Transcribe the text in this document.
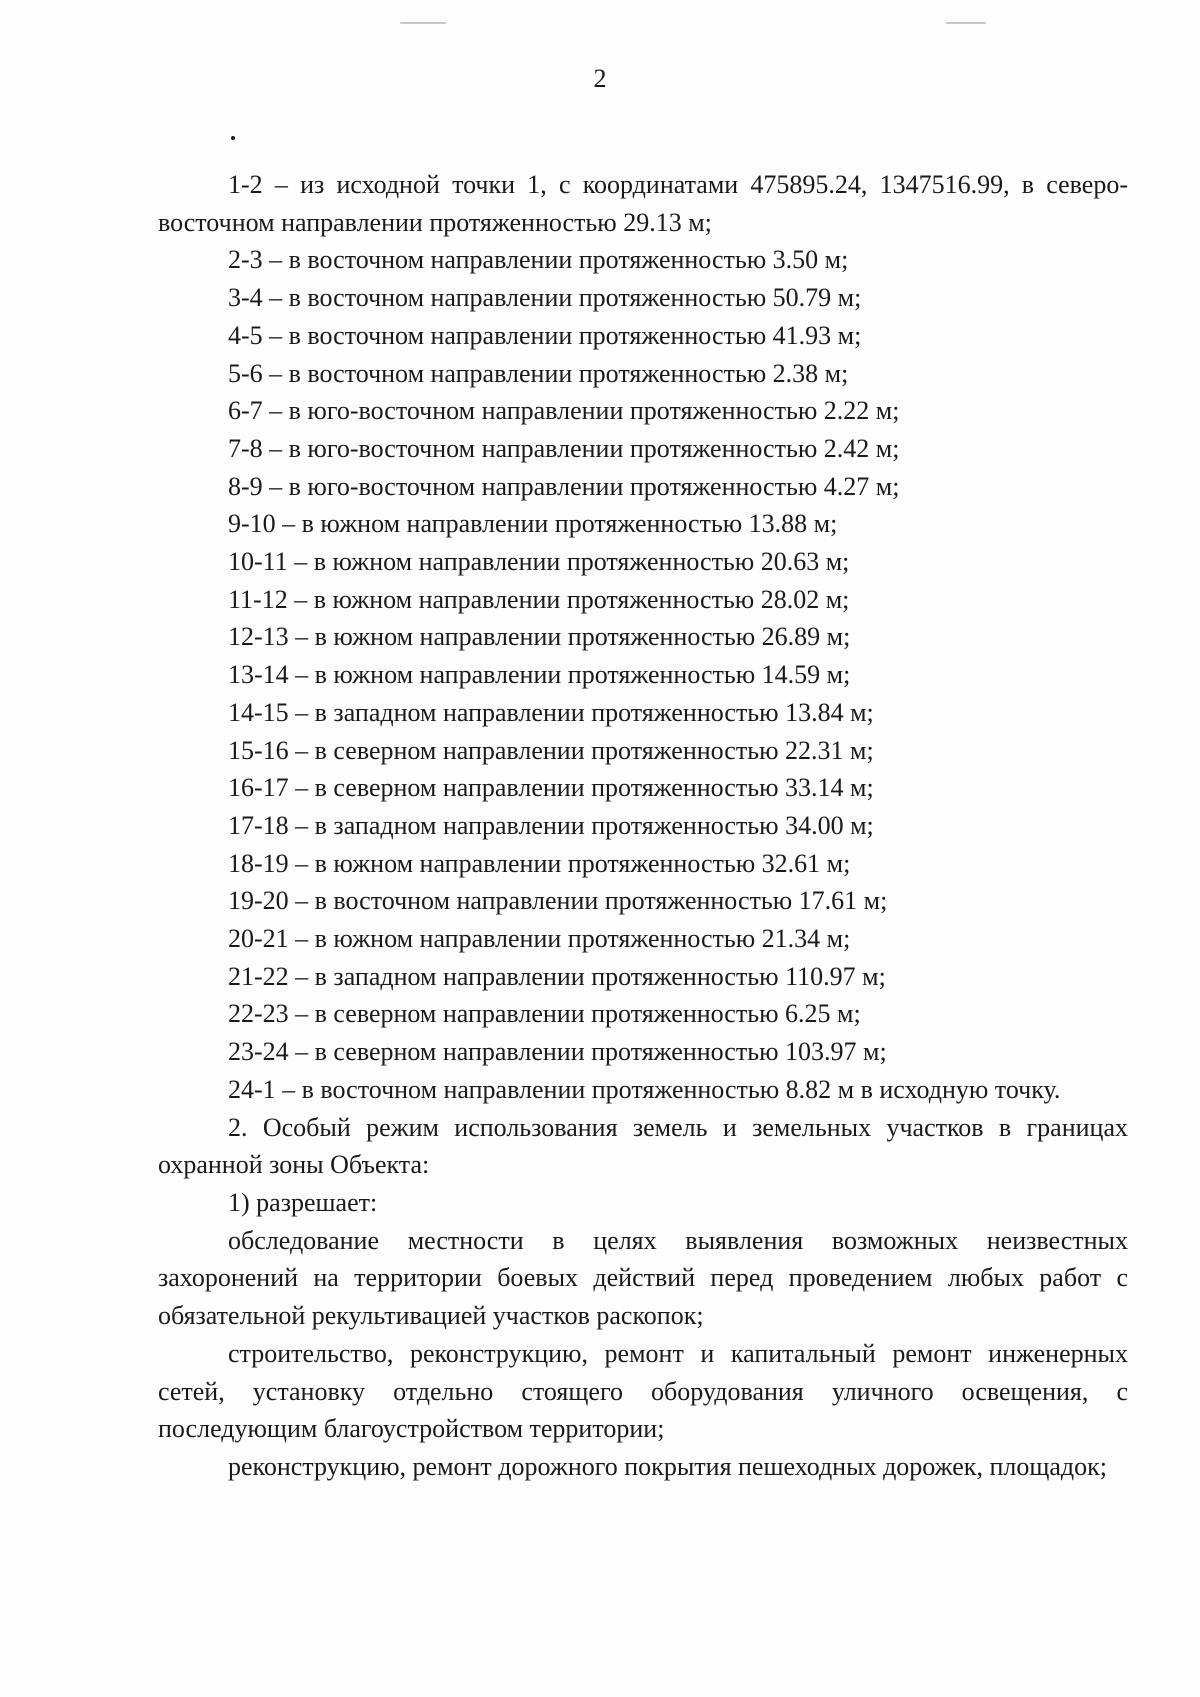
2

1-2 – из исходной точки 1, с координатами 475895.24, 1347516.99, в северо-восточном направлении протяженностью 29.13 м;

2-3 – в восточном направлении протяженностью 3.50 м;

3-4 – в восточном направлении протяженностью 50.79 м;

4-5 – в восточном направлении протяженностью 41.93 м;

5-6 – в восточном направлении протяженностью 2.38 м;

6-7 – в юго-восточном направлении протяженностью 2.22 м;

7-8 – в юго-восточном направлении протяженностью 2.42 м;

8-9 – в юго-восточном направлении протяженностью 4.27 м;

9-10 – в южном направлении протяженностью 13.88 м;

10-11 – в южном направлении протяженностью 20.63 м;

11-12 – в южном направлении протяженностью 28.02 м;

12-13 – в южном направлении протяженностью 26.89 м;

13-14 – в южном направлении протяженностью 14.59 м;

14-15 – в западном направлении протяженностью 13.84 м;

15-16 – в северном направлении протяженностью 22.31 м;

16-17 – в северном направлении протяженностью 33.14 м;

17-18 – в западном направлении протяженностью 34.00 м;

18-19 – в южном направлении протяженностью 32.61 м;

19-20 – в восточном направлении протяженностью 17.61 м;

20-21 – в южном направлении протяженностью 21.34 м;

21-22 – в западном направлении протяженностью 110.97 м;

22-23 – в северном направлении протяженностью 6.25 м;

23-24 – в северном направлении протяженностью 103.97 м;

24-1 – в восточном направлении протяженностью 8.82 м в исходную точку.

2. Особый режим использования земель и земельных участков в границах охранной зоны Объекта:

1) разрешает:

обследование местности в целях выявления возможных неизвестных захоронений на территории боевых действий перед проведением любых работ с обязательной рекультивацией участков раскопок;

строительство, реконструкцию, ремонт и капитальный ремонт инженерных сетей, установку отдельно стоящего оборудования уличного освещения, с последующим благоустройством территории;

реконструкцию, ремонт дорожного покрытия пешеходных дорожек, площадок;
